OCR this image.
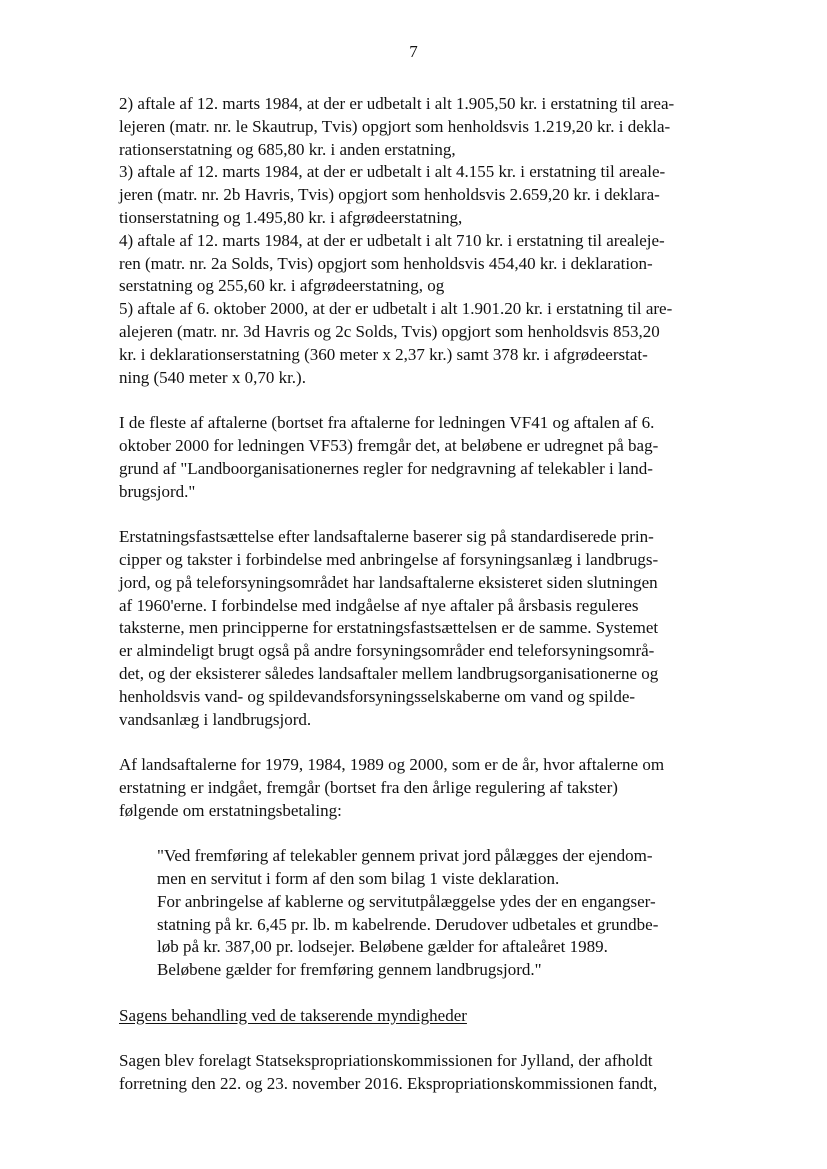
7
2) aftale af 12. marts 1984, at der er udbetalt i alt 1.905,50 kr. i erstatning til area-
lejeren (matr. nr. le Skautrup, Tvis) opgjort som henholdsvis 1.219,20 kr. i dekla-
rationserstatning og 685,80 kr. i anden erstatning,
3) aftale af 12. marts 1984, at der er udbetalt i alt 4.155 kr. i erstatning til areale-
jeren (matr. nr. 2b Havris, Tvis) opgjort som henholdsvis 2.659,20 kr. i deklara-
tionserstatning og 1.495,80 kr. i afgrødeerstatning,
4) aftale af 12. marts 1984, at der er udbetalt i alt 710 kr. i erstatning til arealeje-
ren (matr. nr. 2a Solds, Tvis) opgjort som henholdsvis 454,40 kr. i deklaration-
serstatning og 255,60 kr. i afgrødeerstatning, og
5) aftale af 6. oktober 2000, at der er udbetalt i alt 1.901.20 kr. i erstatning til are-
alejeren (matr. nr. 3d Havris og 2c Solds, Tvis) opgjort som henholdsvis 853,20
kr. i deklarationserstatning (360 meter x 2,37 kr.) samt 378 kr. i afgrødeerstat-
ning (540 meter x 0,70 kr.).
I de fleste af aftalerne (bortset fra aftalerne for ledningen VF41 og aftalen af 6.
oktober 2000 for ledningen VF53) fremgår det, at beløbene er udregnet på bag-
grund af "Landboorganisationernes regler for nedgravning af telekabler i land-
brugsjord."
Erstatningsfastsættelse efter landsaftalerne baserer sig på standardiserede prin-
cipper og takster i forbindelse med anbringelse af forsyningsanlæg i landbrugs-
jord, og på teleforsyningsområdet har landsaftalerne eksisteret siden slutningen
af 1960'erne. I forbindelse med indgåelse af nye aftaler på årsbasis reguleres
taksterne, men principperne for erstatningsfastsættelsen er de samme. Systemet
er almindeligt brugt også på andre forsyningsområder end teleforsyningsområ-
det, og der eksisterer således landsaftaler mellem landbrugsorganisationerne og
henholdsvis vand- og spildevandsforsyningsselskaberne om vand og spilde-
vandsanlæg i landbrugsjord.
Af landsaftalerne for 1979, 1984, 1989 og 2000, som er de år, hvor aftalerne om
erstatning er indgået, fremgår (bortset fra den årlige regulering af takster)
følgende om erstatningsbetaling:
"Ved fremføring af telekabler gennem privat jord pålægges der ejendom-
men en servitut i form af den som bilag 1 viste deklaration.
For anbringelse af kablerne og servitutpålæggelse ydes der en engangser-
statning på kr. 6,45 pr. lb. m kabelrende. Derudover udbetales et grundbe-
løb på kr. 387,00 pr. lodsejer. Beløbene gælder for aftaleåret 1989.
Beløbene gælder for fremføring gennem landbrugsjord."
Sagens behandling ved de takserende myndigheder
Sagen blev forelagt Statsekspropriationskommissionen for Jylland, der afholdt
forretning den 22. og 23. november 2016. Ekspropriationskommissionen fandt,
